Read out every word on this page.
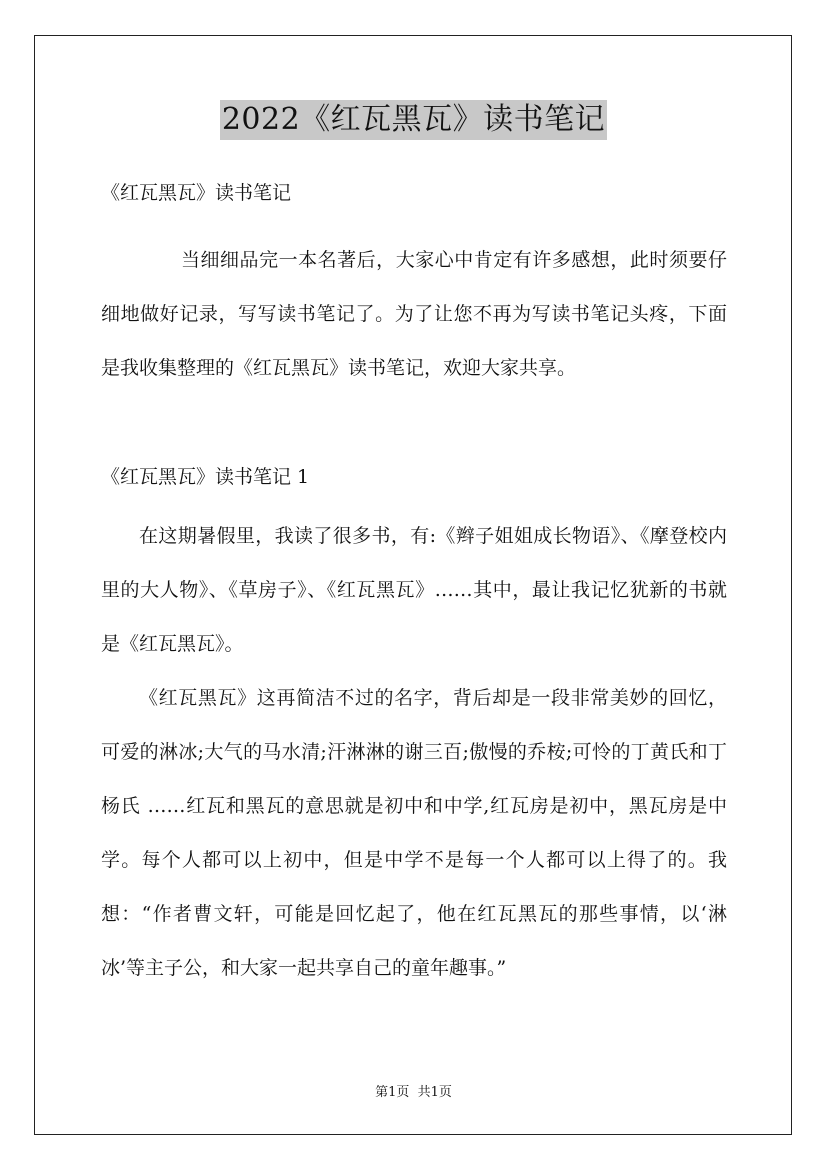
2022《红瓦黑瓦》读书笔记

《红瓦黑瓦》读书笔记

当细细品完一本名著后，大家心中肯定有许多感想，此时须要仔细地做好记录，写写读书笔记了。为了让您不再为写读书笔记头疼，下面是我收集整理的《红瓦黑瓦》读书笔记，欢迎大家共享。

《红瓦黑瓦》读书笔记 1

在这期暑假里，我读了很多书，有:《辫子姐姐成长物语》、《摩登校内里的大人物》、《草房子》、《红瓦黑瓦》……其中，最让我记忆犹新的书就是《红瓦黑瓦》。

《红瓦黑瓦》这再简洁不过的名字，背后却是一段非常美妙的回忆，可爱的淋冰;大气的马水清;汗淋淋的谢三百;傲慢的乔桉;可怜的丁黄氏和丁杨氏 ……红瓦和黑瓦的意思就是初中和中学,红瓦房是初中，黑瓦房是中学。每个人都可以上初中，但是中学不是每一个人都可以上得了的。我想：“作者曹文轩，可能是回忆起了，他在红瓦黑瓦的那些事情，以‘淋冰’等主子公，和大家一起共享自己的童年趣事。”

第1页  共1页
